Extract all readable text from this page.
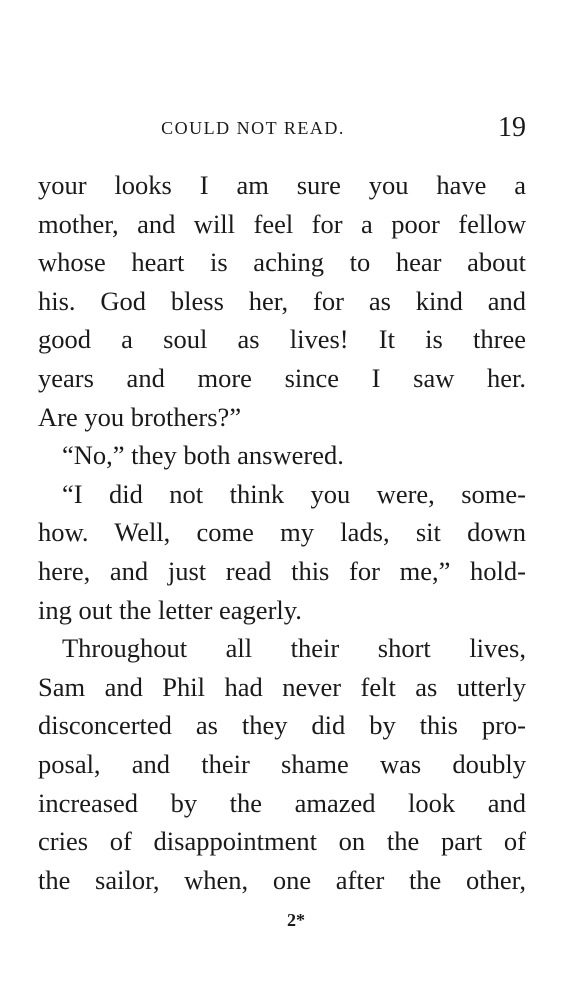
COULD NOT READ.	19
your looks I am sure you have a
mother, and will feel for a poor fellow
whose heart is aching to hear about
his. God bless her, for as kind and
good a soul as lives! It is three
years and more since I saw her.
Are you brothers?”
“No,” they both answered.
“I did not think you were, some-
how. Well, come my lads, sit down
here, and just read this for me,” hold-
ing out the letter eagerly.
Throughout all their short lives,
Sam and Phil had never felt as utterly
disconcerted as they did by this pro-
posal, and their shame was doubly
increased by the amazed look and
cries of disappointment on the part of
the sailor, when, one after the other,
2*
